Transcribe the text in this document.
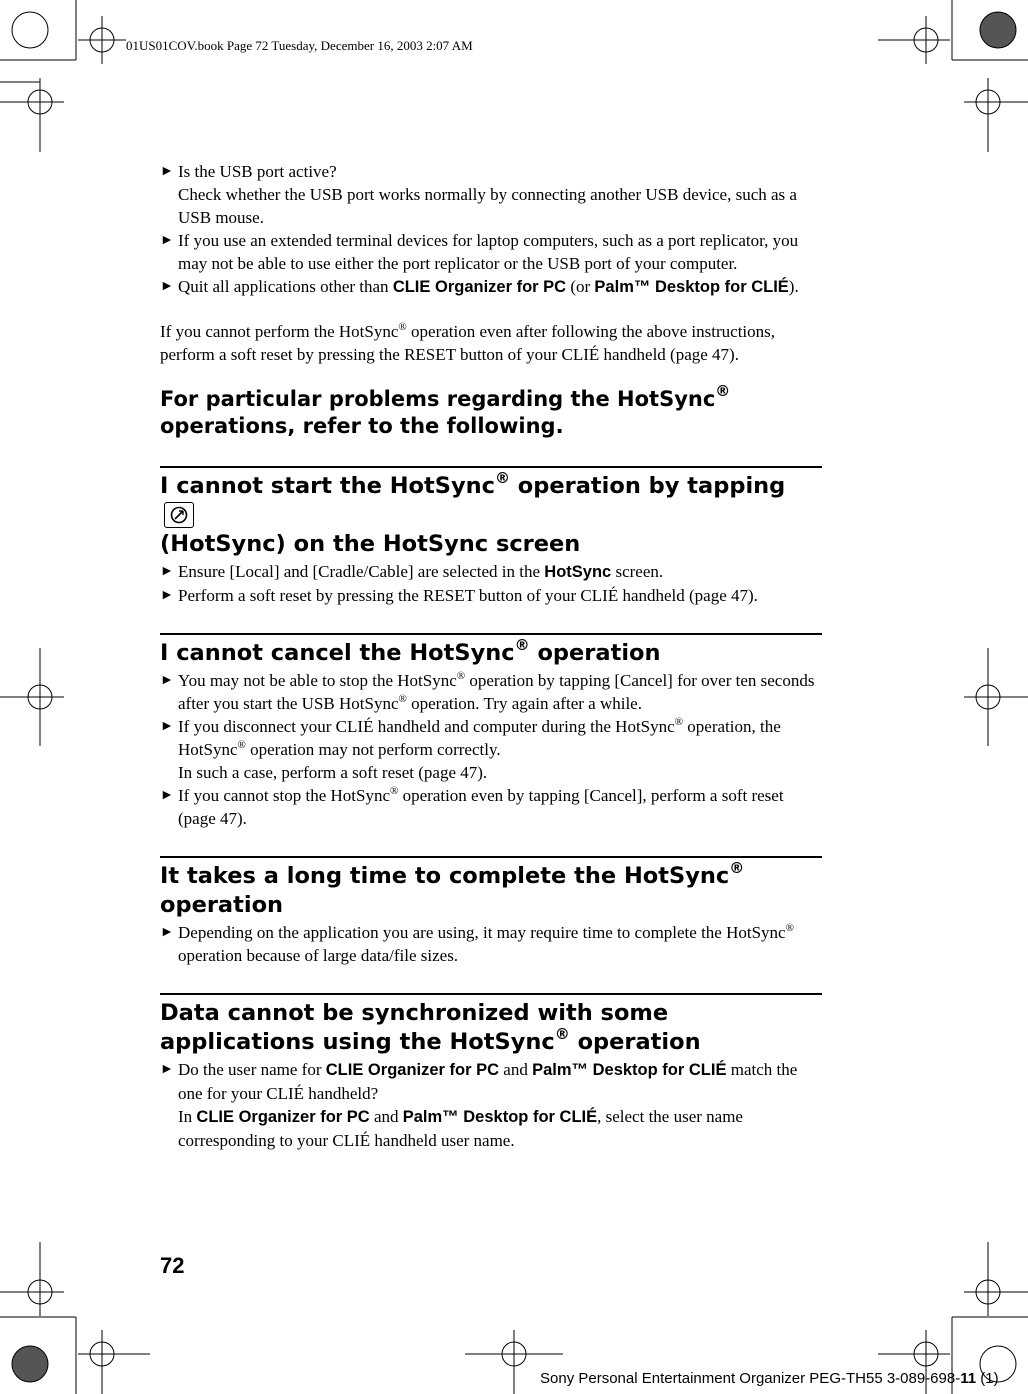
01US01COV.book Page 72 Tuesday, December 16, 2003 2:07 AM
► Is the USB port active?
Check whether the USB port works normally by connecting another USB device, such as a USB mouse.
► If you use an extended terminal devices for laptop computers, such as a port replicator, you may not be able to use either the port replicator or the USB port of your computer.
► Quit all applications other than CLIE Organizer for PC (or Palm™ Desktop for CLIÉ).

If you cannot perform the HotSync® operation even after following the above instructions, perform a soft reset by pressing the RESET button of your CLIÉ handheld (page 47).

For particular problems regarding the HotSync® operations, refer to the following.
I cannot start the HotSync® operation by tapping
(HotSync) on the HotSync screen
► Ensure [Local] and [Cradle/Cable] are selected in the HotSync screen.
► Perform a soft reset by pressing the RESET button of your CLIÉ handheld (page 47).
I cannot cancel the HotSync® operation
► You may not be able to stop the HotSync® operation by tapping [Cancel] for over ten seconds after you start the USB HotSync® operation. Try again after a while.
► If you disconnect your CLIÉ handheld and computer during the HotSync® operation, the HotSync® operation may not perform correctly.
In such a case, perform a soft reset (page 47).
► If you cannot stop the HotSync® operation even by tapping [Cancel], perform a soft reset (page 47).
It takes a long time to complete the HotSync® operation
► Depending on the application you are using, it may require time to complete the HotSync® operation because of large data/file sizes.
Data cannot be synchronized with some applications using the HotSync® operation
► Do the user name for CLIE Organizer for PC and Palm™ Desktop for CLIÉ match the one for your CLIÉ handheld?
In CLIE Organizer for PC and Palm™ Desktop for CLIÉ, select the user name corresponding to your CLIÉ handheld user name.
72
Sony Personal Entertainment Organizer PEG-TH55 3-089-698-11 (1)
